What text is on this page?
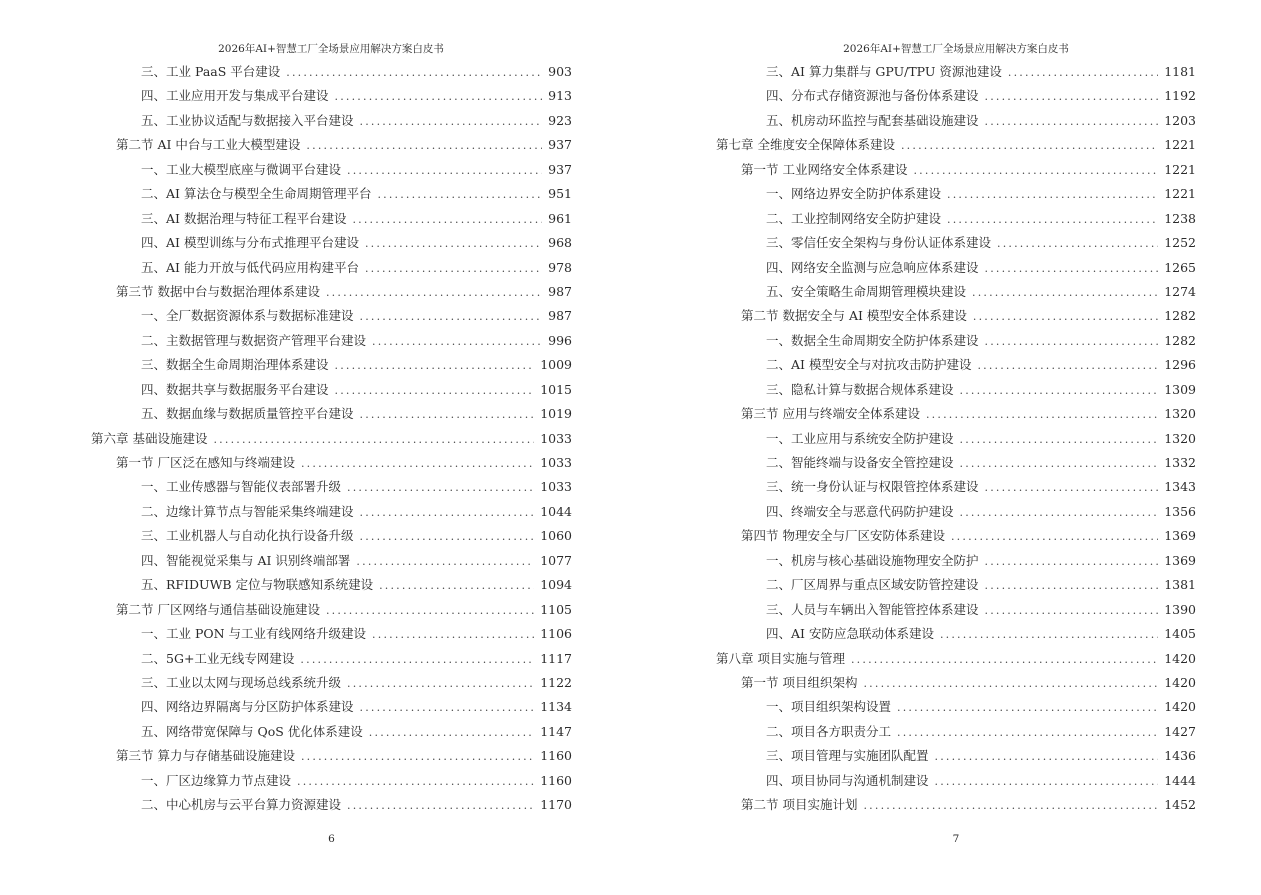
2026年AI+智慧工厂全场景应用解决方案白皮书
三、工业 PaaS 平台建设 .....	903
四、工业应用开发与集成平台建设 .....	913
五、工业协议适配与数据接入平台建设 .....	923
第二节 AI 中台与工业大模型建设 .....	937
一、工业大模型底座与微调平台建设 .....	937
二、AI 算法仓与模型全生命周期管理平台 .....	951
三、AI 数据治理与特征工程平台建设 .....	961
四、AI 模型训练与分布式推理平台建设 .....	968
五、AI 能力开放与低代码应用构建平台 .....	978
第三节 数据中台与数据治理体系建设 .....	987
一、全厂数据资源体系与数据标准建设 .....	987
二、主数据管理与数据资产管理平台建设 .....	996
三、数据全生命周期治理体系建设 .....	1009
四、数据共享与数据服务平台建设 .....	1015
五、数据血缘与数据质量管控平台建设 .....	1019
第六章 基础设施建设 .....	1033
第一节 厂区泛在感知与终端建设 .....	1033
一、工业传感器与智能仪表部署升级 .....	1033
二、边缘计算节点与智能采集终端建设 .....	1044
三、工业机器人与自动化执行设备升级 .....	1060
四、智能视觉采集与 AI 识别终端部署 .....	1077
五、RFIDUWB 定位与物联感知系统建设 .....	1094
第二节 厂区网络与通信基础设施建设 .....	1105
一、工业 PON 与工业有线网络升级建设 .....	1106
二、5G+工业无线专网建设 .....	1117
三、工业以太网与现场总线系统升级 .....	1122
四、网络边界隔离与分区防护体系建设 .....	1134
五、网络带宽保障与 QoS 优化体系建设 .....	1147
第三节 算力与存储基础设施建设 .....	1160
一、厂区边缘算力节点建设 .....	1160
二、中心机房与云平台算力资源建设 .....	1170
6
2026年AI+智慧工厂全场景应用解决方案白皮书
三、AI 算力集群与 GPU/TPU 资源池建设 .....	1181
四、分布式存储资源池与备份体系建设 .....	1192
五、机房动环监控与配套基础设施建设 .....	1203
第七章 全维度安全保障体系建设 .....	1221
第一节 工业网络安全体系建设 .....	1221
一、网络边界安全防护体系建设 .....	1221
二、工业控制网络安全防护建设 .....	1238
三、零信任安全架构与身份认证体系建设 .....	1252
四、网络安全监测与应急响应体系建设 .....	1265
五、安全策略生命周期管理模块建设 .....	1274
第二节 数据安全与 AI 模型安全体系建设 .....	1282
一、数据全生命周期安全防护体系建设 .....	1282
二、AI 模型安全与对抗攻击防护建设 .....	1296
三、隐私计算与数据合规体系建设 .....	1309
第三节 应用与终端安全体系建设 .....	1320
一、工业应用与系统安全防护建设 .....	1320
二、智能终端与设备安全管控建设 .....	1332
三、统一身份认证与权限管控体系建设 .....	1343
四、终端安全与恶意代码防护建设 .....	1356
第四节 物理安全与厂区安防体系建设 .....	1369
一、机房与核心基础设施物理安全防护 .....	1369
二、厂区周界与重点区域安防管控建设 .....	1381
三、人员与车辆出入智能管控体系建设 .....	1390
四、AI 安防应急联动体系建设 .....	1405
第八章 项目实施与管理 .....	1420
第一节 项目组织架构 .....	1420
一、项目组织架构设置 .....	1420
二、项目各方职责分工 .....	1427
三、项目管理与实施团队配置 .....	1436
四、项目协同与沟通机制建设 .....	1444
第二节 项目实施计划 .....	1452
7
